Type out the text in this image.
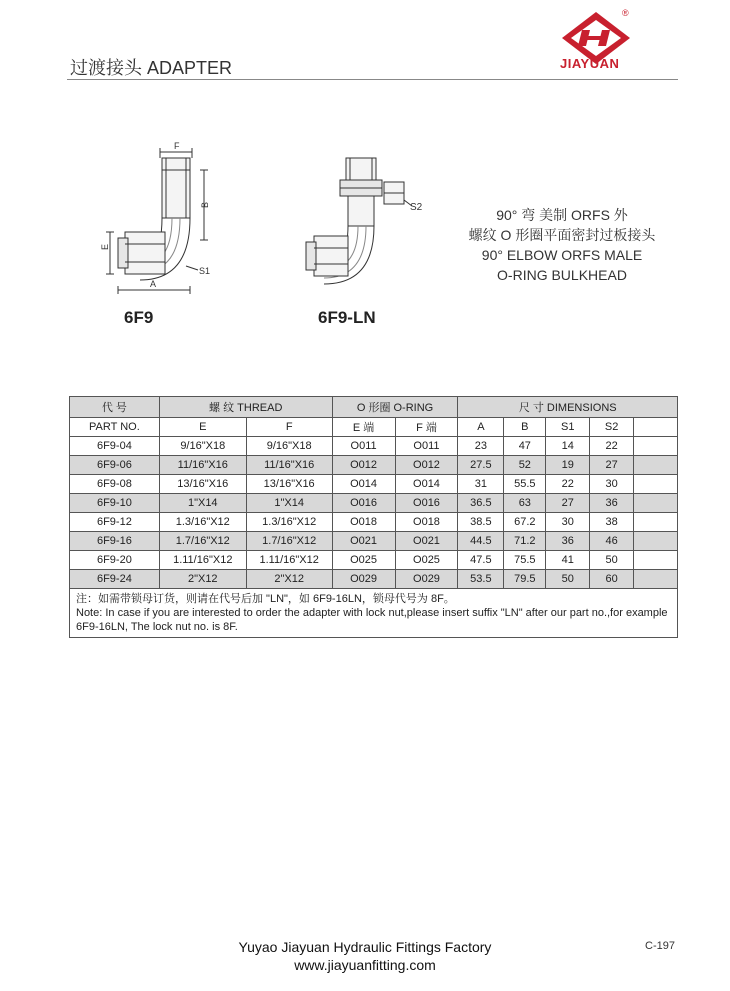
过渡接头 ADAPTER
®
JIAYUAN
F
B
E
A
S1
6F9
S2
6F9-LN
90° 弯 美制 ORFS 外
螺纹 O 形圈平面密封过板接头
90° ELBOW ORFS MALE
O-RING BULKHEAD
代 号	螺 纹 THREAD		O 形圈 O-RING		尺 寸 DIMENSIONS				
PART NO.	E	F	E 端	F 端	A	B	S1	S2	
6F9-04	9/16"X18	9/16"X18	O011	O011	23	47	14	22	
6F9-06	11/16"X16	11/16"X16	O012	O012	27.5	52	19	27	
6F9-08	13/16"X16	13/16"X16	O014	O014	31	55.5	22	30	
6F9-10	1"X14	1"X14	O016	O016	36.5	63	27	36	
6F9-12	1.3/16"X12	1.3/16"X12	O018	O018	38.5	67.2	30	38	
6F9-16	1.7/16"X12	1.7/16"X12	O021	O021	44.5	71.2	36	46	
6F9-20	1.11/16"X12	1.11/16"X12	O025	O025	47.5	75.5	41	50	
6F9-24	2"X12	2"X12	O029	O029	53.5	79.5	50	60	

注：如需带锁母订货，则请在代号后加 "LN"，如 6F9-16LN，锁母代号为 8F。
Note: In case if you are interested to order the adapter with lock nut,please insert suffix "LN" after our part no.,for example 6F9-16LN, The lock nut no. is 8F.									
Yuyao Jiayuan Hydraulic Fittings Factory
www.jiayuanfitting.com
C-197
